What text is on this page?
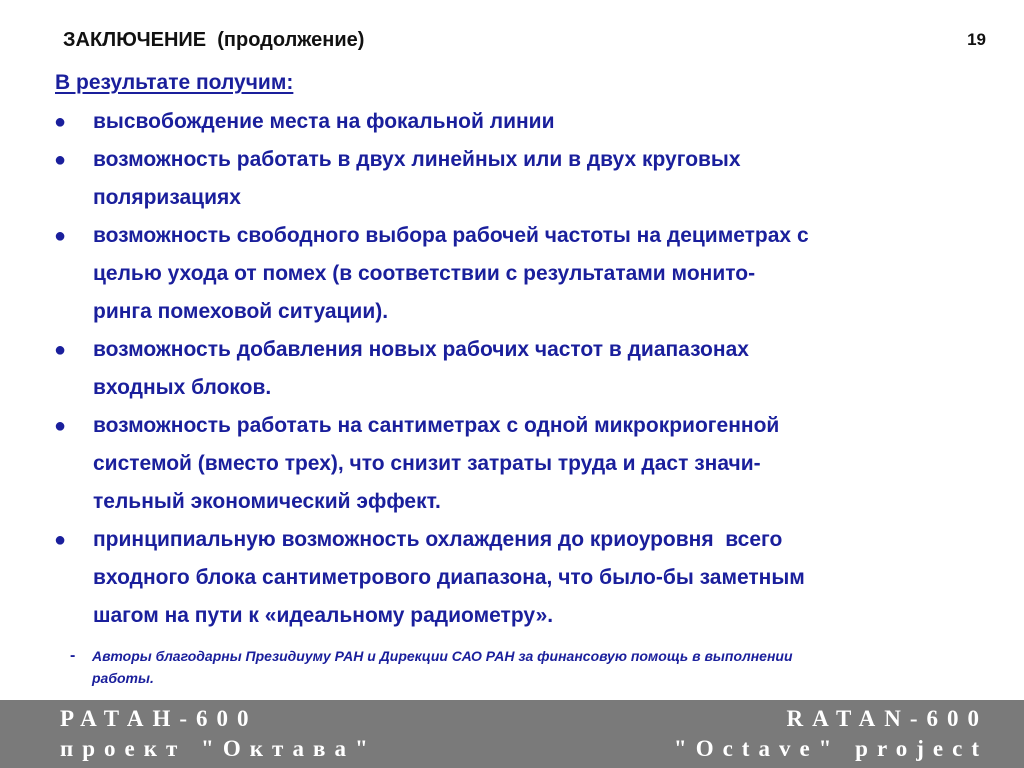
ЗАКЛЮЧЕНИЕ  (продолжение)	19
В результате получим:
● высвобождение места на фокальной линии
● возможность работать в двух линейных или в двух круговых
поляризациях
● возможность свободного выбора рабочей частоты на дециметрах с
целью ухода от помех (в соответствии с результатами монито-
ринга помеховой ситуации).
● возможность добавления новых рабочих частот в диапазонах
входных блоков.
● возможность работать на сантиметрах с одной микрокриогенной
системой (вместо трех), что снизит затраты труда и даст значи-
тельный экономический эффект.
● принципиальную возможность охлаждения до криоуровня  всего
входного блока сантиметрового диапазона, что было-бы заметным
шагом на пути к «идеальному радиометру».
-	Авторы благодарны Президиуму РАН и Дирекции САО РАН за финансовую помощь в выполнении
работы.
РАТАН-600
проект "Октава"
RATAN-600
"Octave" project
